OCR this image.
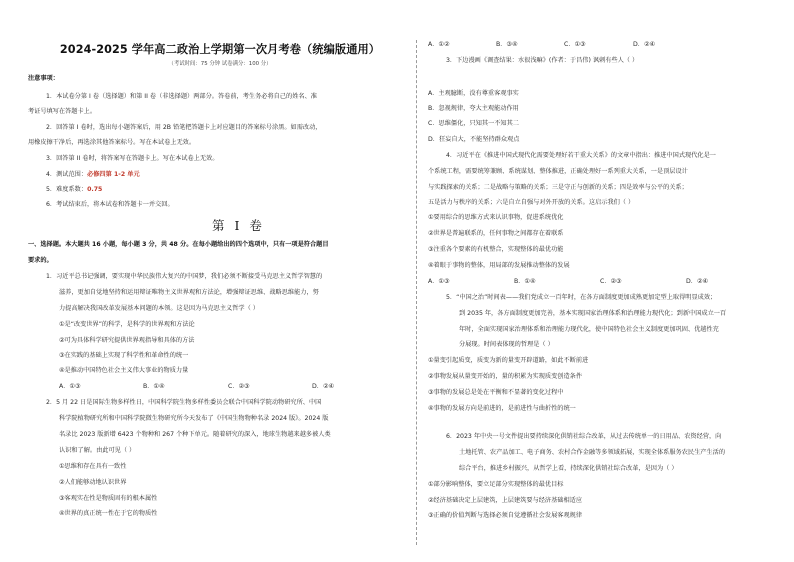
2024-2025 学年高二政治上学期第一次月考卷（统编版通用）
（考试时间：75 分钟 试卷满分：100 分）
注意事项：
1．本试卷分第 I 卷（选择题）和第 II 卷（非选择题）两部分。答卷前，考生务必将自己的姓名、准
考证号填写在答题卡上。
2．回答第 I 卷时，选出每小题答案后，用 2B 铅笔把答题卡上对应题目的答案标号涂黑。如需改动，
用橡皮擦干净后，再选涂其他答案标号。写在本试卷上无效。
3．回答第 II 卷时，将答案写在答题卡上。写在本试卷上无效。
4．测试范围：必修四第 1-2 单元
5．难度系数：0.75
6．考试结束后，将本试卷和答题卡一并交回。
第 I 卷
一、选择题。本大题共 16 小题，每小题 3 分，共 48 分。在每小题给出的四个选项中，只有一项是符合题目
要求的。
1．习近平总书记强调，要实现中华民族伟大复兴的中国梦，我们必须不断接受马克思主义哲学智慧的
滋养，更加自觉地坚持和运用辩证唯物主义世界观和方法论，增强辩证思维、战略思维能力，努
力提高解决我国改革发展基本问题的本领。这是因为马克思主义哲学（ ）
①是“改变世界”的科学，是科学的世界观和方法论
②可为具体科学研究提供世界观指导和具体的方法
③在实践的基础上实现了科学性和革命性的统一
④是推动中国特色社会主义伟大事业的物质力量
A．①③	B．①④	C．②③	D．②④
2．5 月 22 日是国际生物多样性日，中国科学院生物多样性委员会联合中国科学院动物研究所、中国
科学院植物研究所和中国科学院微生物研究所今天发布了《中国生物物种名录 2024 版》。2024 版
名录比 2023 版新增 6423 个物种和 267 个种下单元。随着研究的深入，地球生物越来越多被人类
认识和了解。由此可见（ ）
①思维和存在具有一致性
②人们能够动地认识世界
③客观实在性是物质固有的根本属性
④世界的真正统一性在于它的物质性
A．①②	B．③④	C．①③	D．②④
3．下边漫画《调查结果：水很浅嘛》(作者：于昌伟) 讽刺有些人（ ）
A．主观臆断，没有尊重客观事实
B．忽视规律，夸大主观能动作用
C．思维僵化，只知其一不知其二
D．狂妄自大，不能坚持群众观点
4．习近平在《推进中国式现代化需要处理好若干重大关系》的文章中指出：推进中国式现代化是一
个系统工程，需要统筹兼顾、系统谋划、整体推进，正确处理好一系列重大关系，一是顶层设计
与实践探索的关系；二是战略与策略的关系；三是守正与创新的关系；四是效率与公平的关系；
五是活力与秩序的关系；六是自立自强与对外开放的关系。这启示我们（ ）
①要用综合的思维方式来认识事物，促进系统优化
②世界是普遍联系的，任何事物之间都存在着联系
③注重各个要素的有机整合，实现整体的最优功能
④着眼于事物的整体，用局部的发展推动整体的发展
A．①③	B．①④	C．②③	D．②④
5．“中国之治”时间表——我们党成立一百年时，在各方面制度更加成熟更加定型上取得明显成效；
到 2035 年，各方面制度更加完善，基本实现国家治理体系和治理能力现代化；到新中国成立一百
年时，全面实现国家治理体系和治理能力现代化，使中国特色社会主义制度更加巩固、优越性充
分展现。时间表体现的哲理是（ ）
①量变引起质变，质变为新的量变开辟道路，如此不断前进
②事物发展从量变开始的，量的积累为实现质变创造条件
③事物的发展总是处在平衡和不显著的变化过程中
④事物的发展方向是前进的，是前进性与曲折性的统一
6．2023 年中央一号文件提出要持续深化供销社综合改革，从过去传统单一的日用品、农资经营，向
土地托管、农产品加工、电子商务、农村合作金融等多领域拓展，实现全体系服务农民生产生活的
综合平台，推进乡村振兴，从哲学上看，持续深化供销社综合改革，是因为（ ）
①部分影响整体，要立足部分实现整体的最优目标
②经济基础决定上层建筑，上层建筑要与经济基础相适应
③正确的价值判断与选择必须自觉遵循社会发展客观规律
